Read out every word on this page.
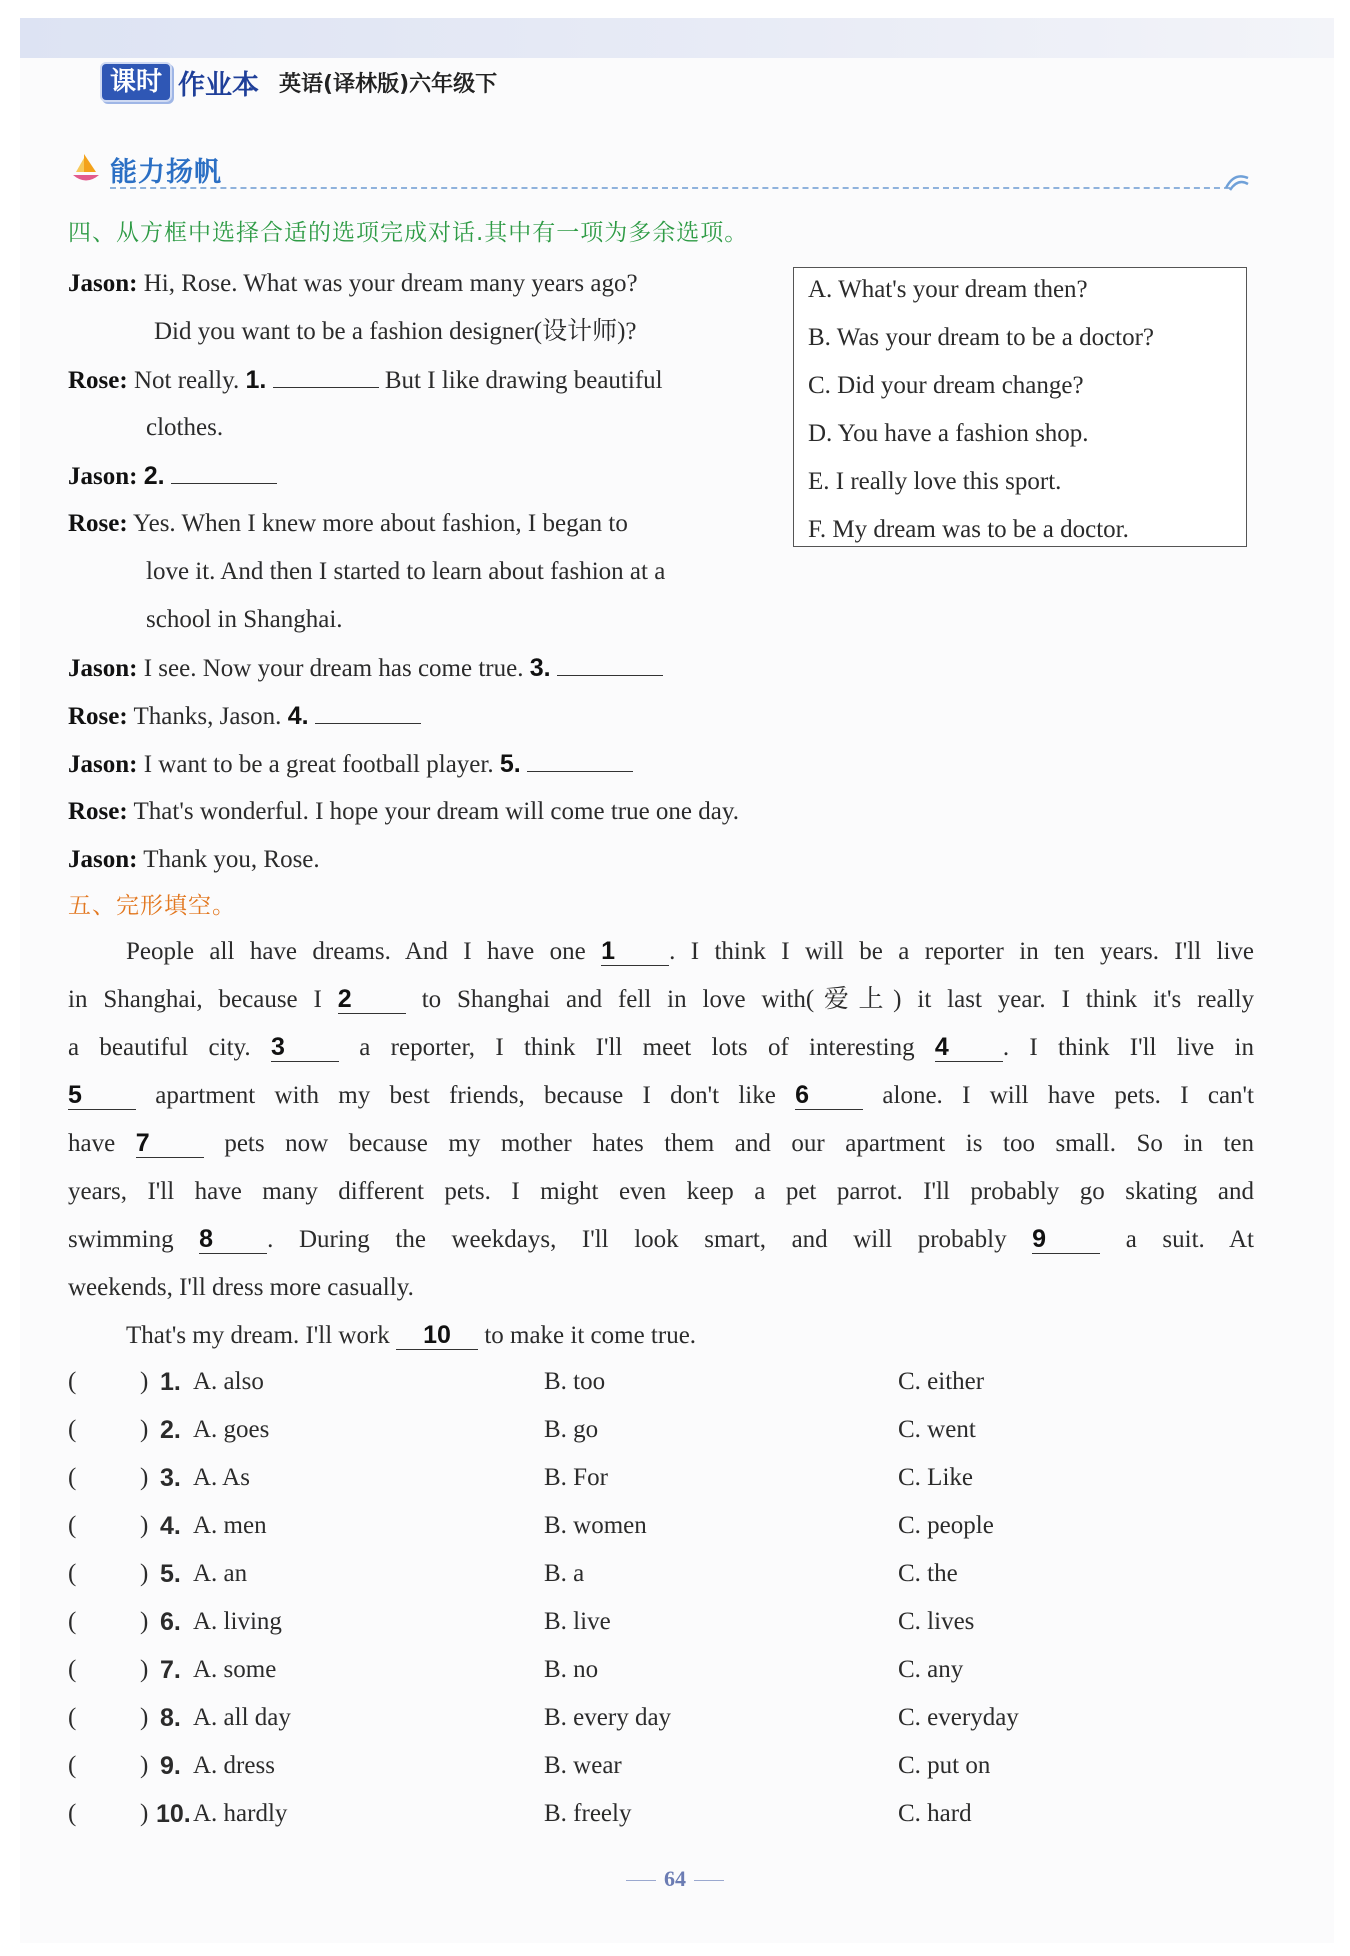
课时 作业本 英语(译林版)六年级下
能力扬帆
四、从方框中选择合适的选项完成对话.其中有一项为多余选项。
Jason: Hi, Rose. What was your dream many years ago?
Did you want to be a fashion designer(设计师)?
Rose: Not really. 1.	But I like drawing beautiful
clothes.
Jason: 2.
Rose: Yes. When I knew more about fashion, I began to
love it. And then I started to learn about fashion at a
school in Shanghai.
Jason: I see. Now your dream has come true. 3.
Rose: Thanks, Jason. 4.
Jason: I want to be a great football player. 5.
Rose: That's wonderful. I hope your dream will come true one day.
Jason: Thank you, Rose.
A. What's your dream then?
B. Was your dream to be a doctor?
C. Did your dream change?
D. You have a fashion shop.
E. I really love this sport.
F. My dream was to be a doctor.
五、完形填空。
People all have dreams. And I have one 1 . I think I will be a reporter in ten years. I'll live
in Shanghai, because I 2	to Shanghai and fell in love with(爱上) it last year. I think it's really
a beautiful city. 3	a reporter, I think I'll meet lots of interesting 4 . I think I'll live in
5	apartment with my best friends, because I don't like 6	alone. I will have pets. I can't
have 7	pets now because my mother hates them and our apartment is too small. So in ten
years, I'll have many different pets. I might even keep a pet parrot. I'll probably go skating and
swimming 8 . During the weekdays, I'll look smart, and will probably 9	a suit. At
weekends, I'll dress more casually.
That's my dream. I'll work 10 to make it come true.
(	) 1. A. also	B. too	C. either
(	) 2. A. goes	B. go	C. went
(	) 3. A. As	B. For	C. Like
(	) 4. A. men	B. women	C. people
(	) 5. A. an	B. a	C. the
(	) 6. A. living	B. live	C. lives
(	) 7. A. some	B. no	C. any
(	) 8. A. all day	B. every day	C. everyday
(	) 9. A. dress	B. wear	C. put on
(	) 10. A. hardly	B. freely	C. hard
64
